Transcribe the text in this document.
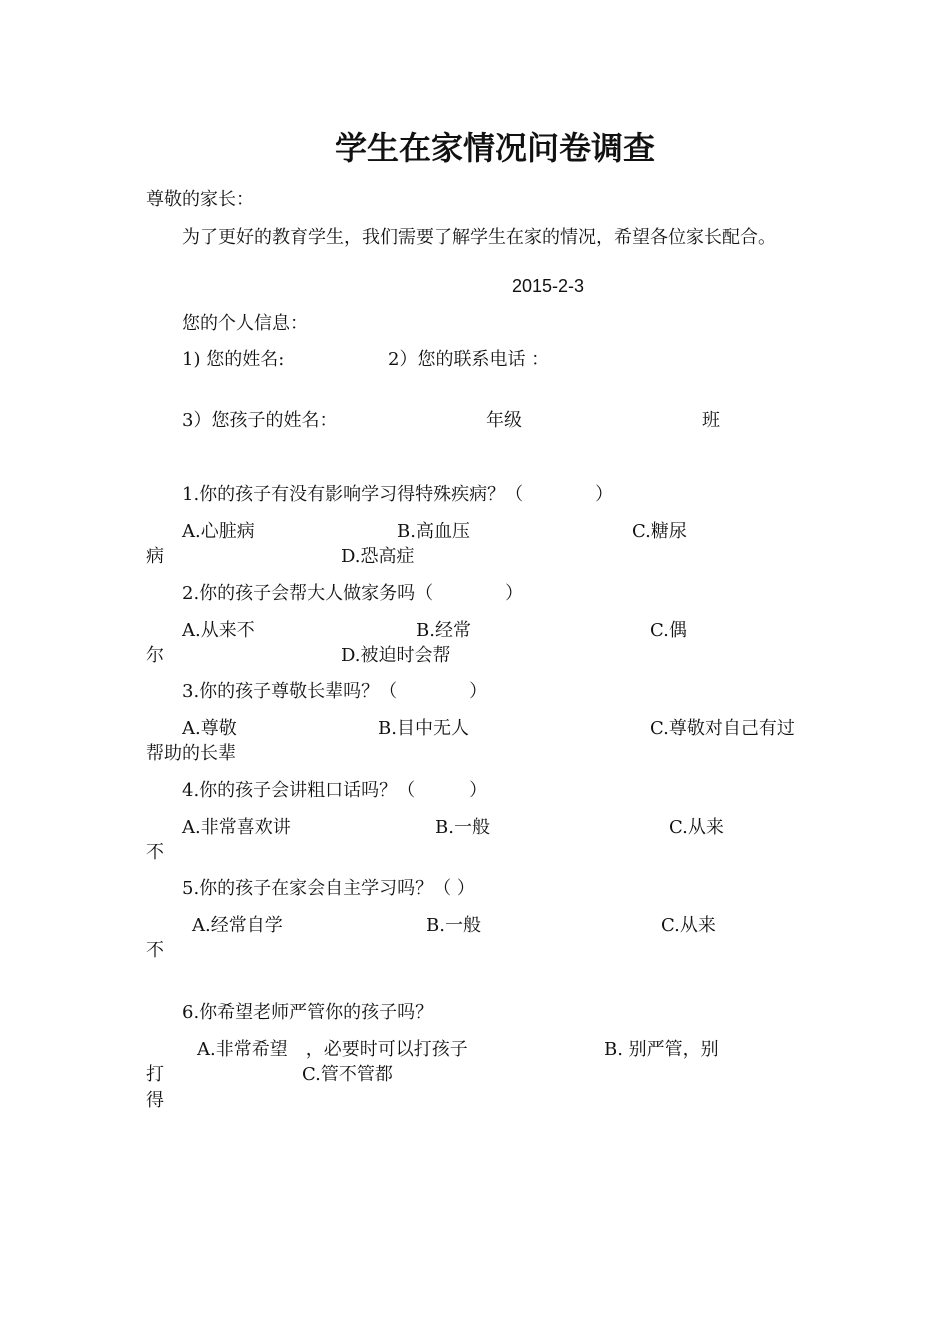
学生在家情况问卷调查
尊敬的家长：
为了更好的教育学生，我们需要了解学生在家的情况，希望各位家长配合。
2015-2-3
您的个人信息：
1) 您的姓名:	2）您的联系电话 ：
3）您孩子的姓名：	年级	班
1.你的孩子有没有影响学习得特殊疾病？（　　　　）
A.心脏病	B.高血压	C.糖尿
病	D.恐高症
2.你的孩子会帮大人做家务吗（　　　　）
A.从来不	B.经常	C.偶
尔	D.被迫时会帮
3.你的孩子尊敬长辈吗？（　　　　）
A.尊敬	B.目中无人	C.尊敬对自己有过
帮助的长辈
4.你的孩子会讲粗口话吗？（　　　）
A.非常喜欢讲	B.一般	C.从来
不
5.你的孩子在家会自主学习吗？（ ）
A.经常自学	B.一般	C.从来
不
6.你希望老师严管你的孩子吗？
A.非常希望　，必要时可以打孩子	B. 别严管，别
打	C.管不管都
得
